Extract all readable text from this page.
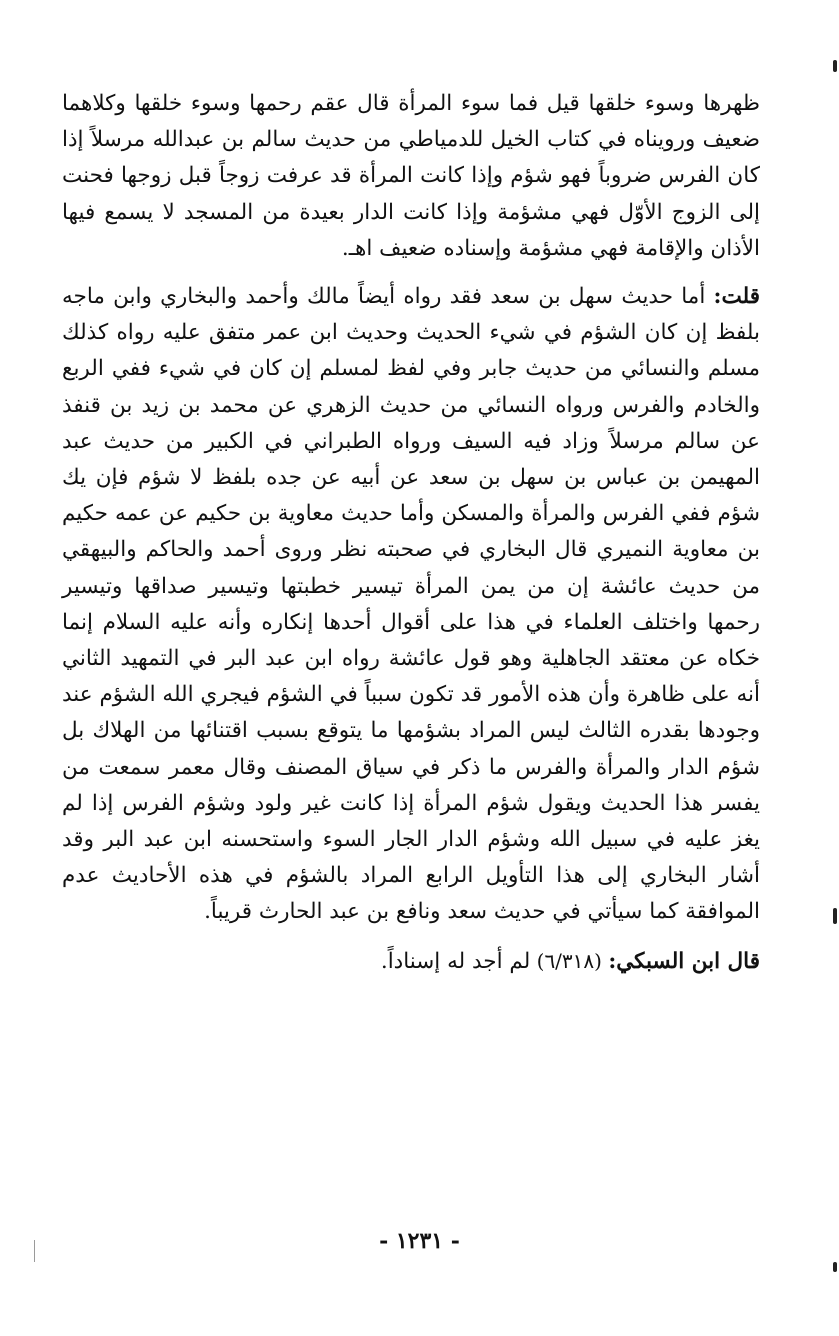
ظهرها وسوء خلقها قيل فما سوء المرأة قال عقم رحمها وسوء خلقها وكلاهما ضعيف ورويناه في كتاب الخيل للدمياطي من حديث سالم بن عبدالله مرسلاً إذا كان الفرس ضروباً فهو شؤم وإذا كانت المرأة قد عرفت زوجاً قبل زوجها فحنت إلى الزوج الأوّل فهي مشؤمة وإذا كانت الدار بعيدة من المسجد لا يسمع فيها الأذان والإقامة فهي مشؤمة وإسناده ضعيف اهـ.

قلت: أما حديث سهل بن سعد فقد رواه أيضاً مالك وأحمد والبخاري وابن ماجه بلفظ إن كان الشؤم في شيء الحديث وحديث ابن عمر متفق عليه رواه كذلك مسلم والنسائي من حديث جابر وفي لفظ لمسلم إن كان في شيء ففي الربع والخادم والفرس ورواه النسائي من حديث الزهري عن محمد بن زيد بن قنفذ عن سالم مرسلاً وزاد فيه السيف ورواه الطبراني في الكبير من حديث عبد المهيمن بن عباس بن سهل بن سعد عن أبيه عن جده بلفظ لا شؤم فإن يك شؤم ففي الفرس والمرأة والمسكن وأما حديث معاوية بن حكيم عن عمه حكيم بن معاوية النميري قال البخاري في صحبته نظر وروى أحمد والحاكم والبيهقي من حديث عائشة إن من يمن المرأة تيسير خطبتها وتيسير صداقها وتيسير رحمها واختلف العلماء في هذا على أقوال أحدها إنكاره وأنه عليه السلام إنما خكاه عن معتقد الجاهلية وهو قول عائشة رواه ابن عبد البر في التمهيد الثاني أنه على ظاهرة وأن هذه الأمور قد تكون سبباً في الشؤم فيجري الله الشؤم عند وجودها بقدره الثالث ليس المراد بشؤمها ما يتوقع بسبب اقتنائها من الهلاك بل شؤم الدار والمرأة والفرس ما ذكر في سياق المصنف وقال معمر سمعت من يفسر هذا الحديث ويقول شؤم المرأة إذا كانت غير ولود وشؤم الفرس إذا لم يغز عليه في سبيل الله وشؤم الدار الجار السوء واستحسنه ابن عبد البر وقد أشار البخاري إلى هذا التأويل الرابع المراد بالشؤم في هذه الأحاديث عدم الموافقة كما سيأتي في حديث سعد ونافع بن عبد الحارث قريباً.

قال ابن السبكي: (٦/٣١٨) لم أجد له إسناداً.

- ١٢٣١ -
